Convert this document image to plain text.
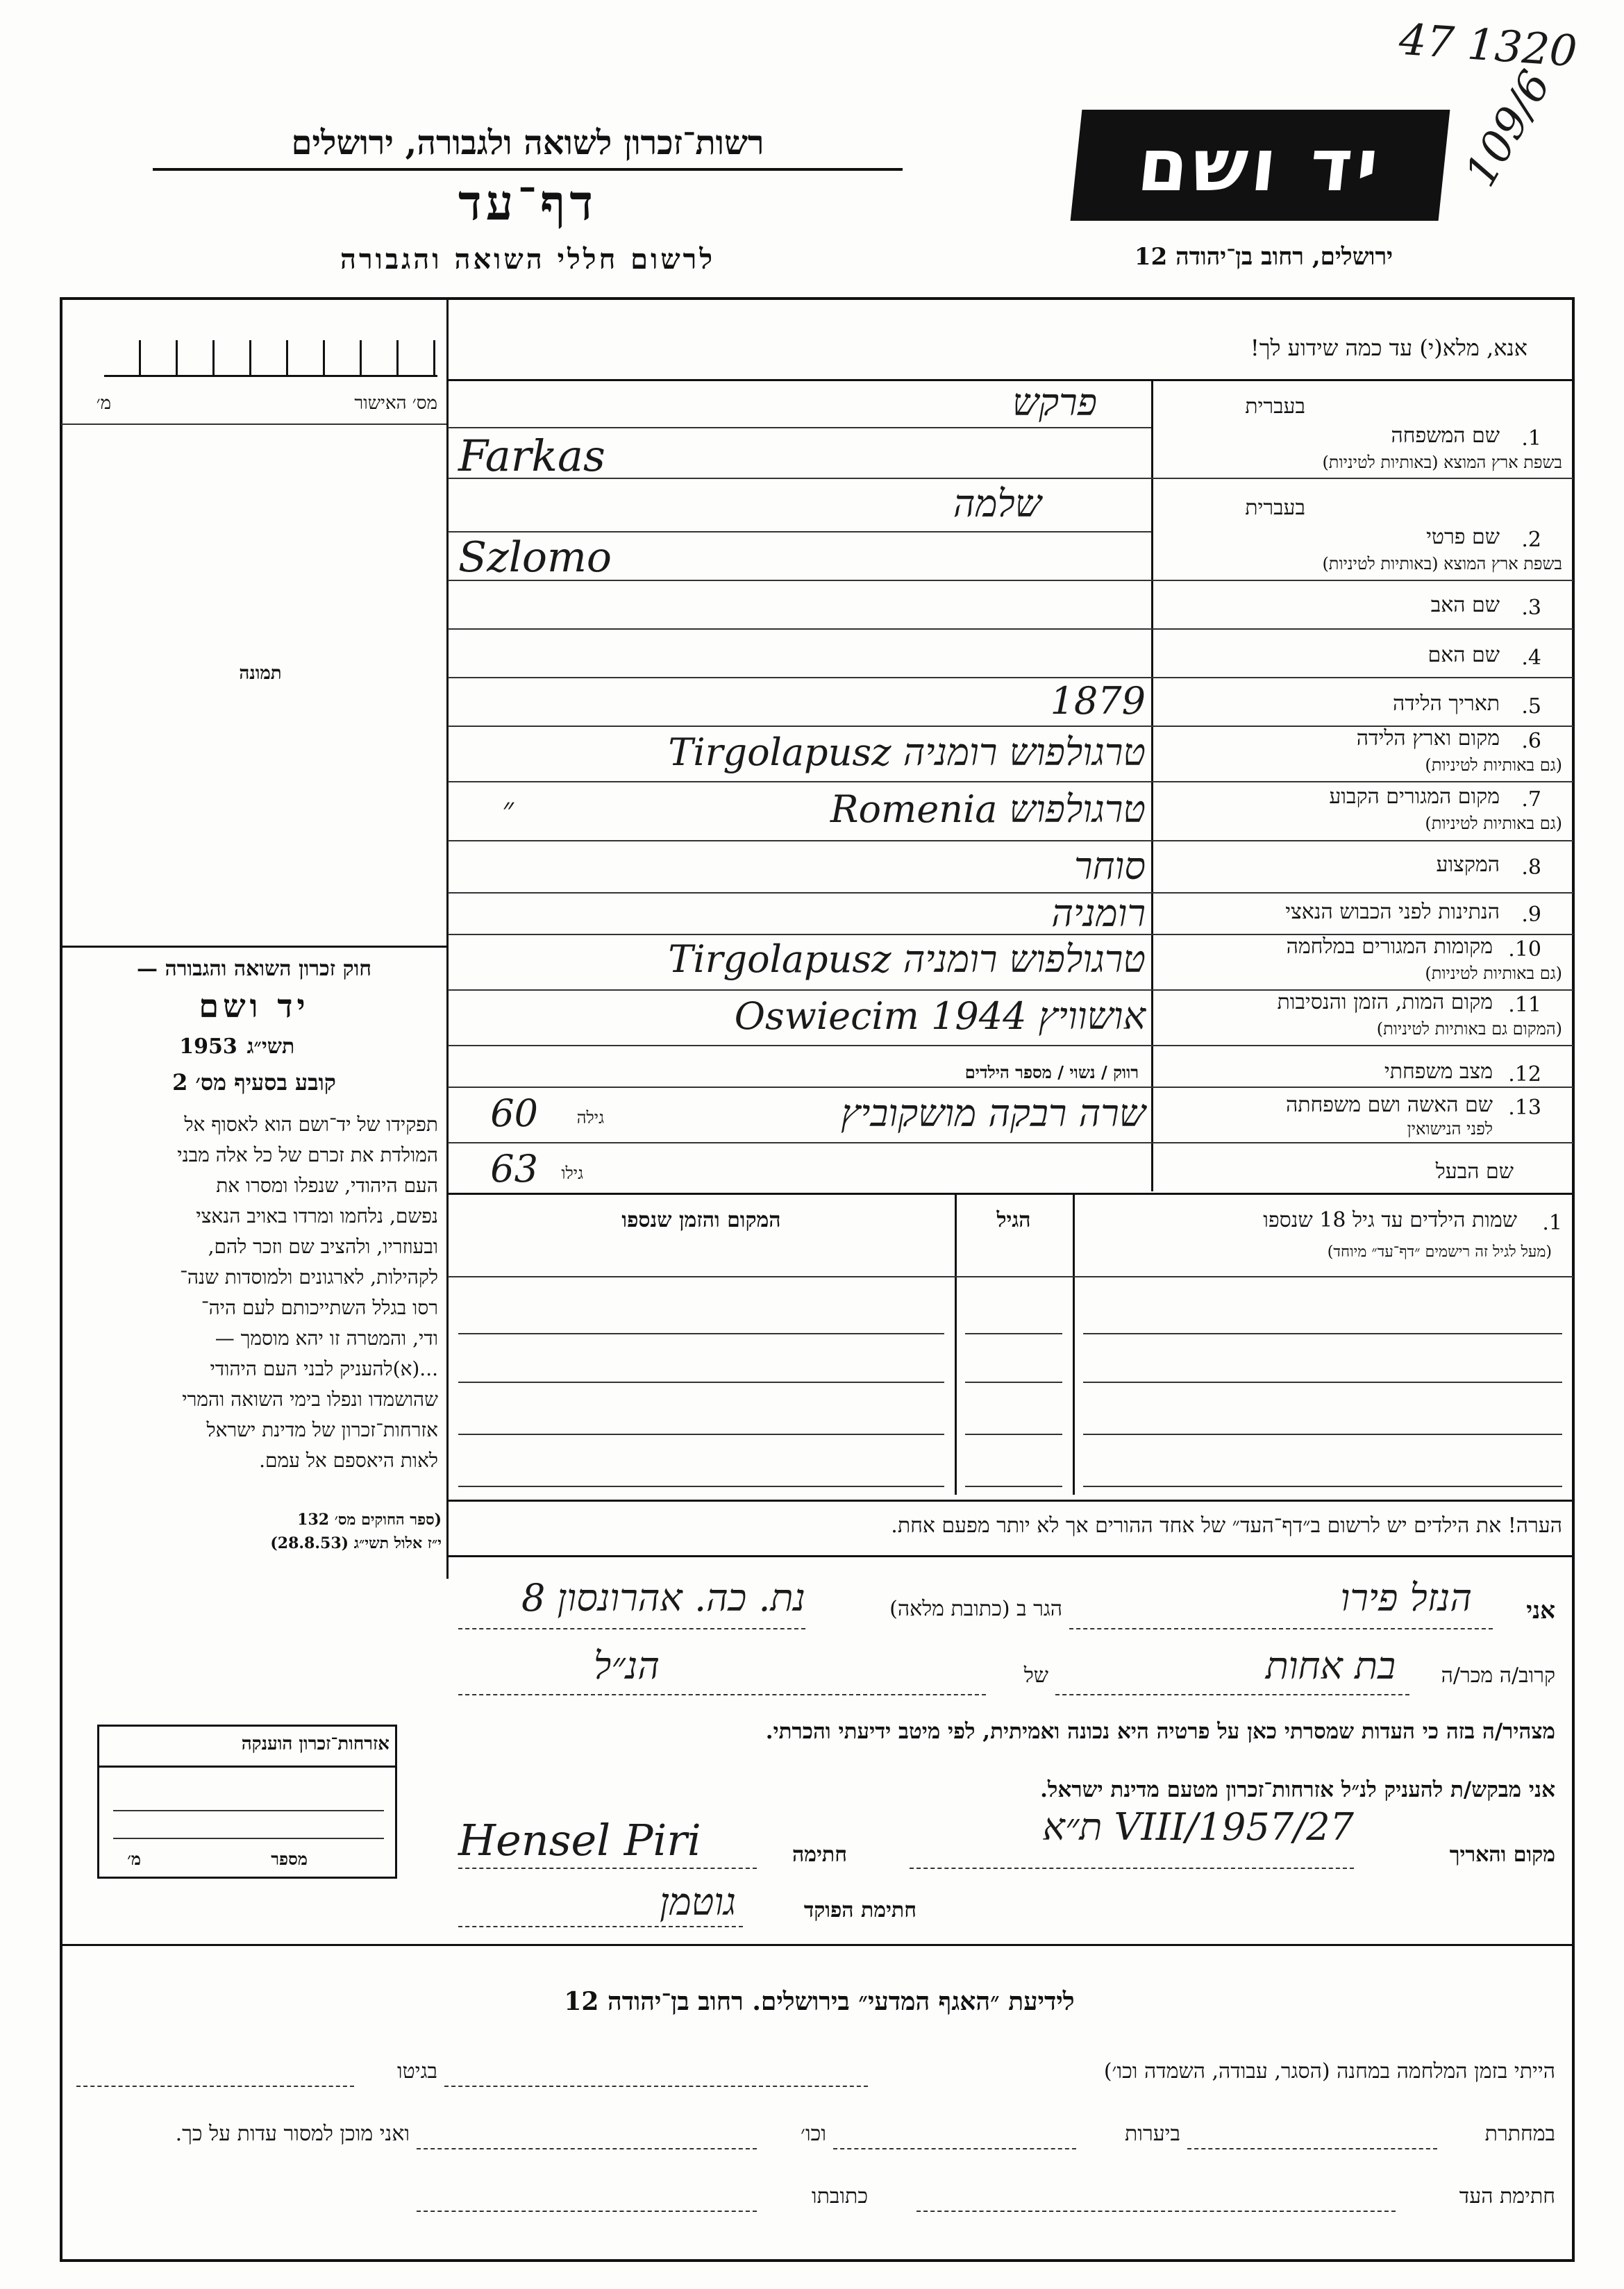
47 1320
109/6
רשות־זכרון לשואה ולגבורה, ירושלים
דף־עד
לרשום חללי השואה והגבורה
יד ושם
ירושלים, רחוב בן־יהודה 12
אנא, מלא(י) עד כמה שידוע לך!
מס׳ האישור
מ׳
תמונה
חוק זכרון השואה והגבורה —
יד ושם
תשי״ג
1953
קובע בסעיף מס׳ 2
תפקידו של יד־ושם הוא לאסוף אל
המולדת את זכרם של כל אלה מבני
העם היהודי, שנפלו ומסרו את
נפשם, נלחמו ומרדו באויב הנאצי
ובעוזריו, ולהציב שם וזכר להם,
לקהילות, לארגונים ולמוסדות שנה־
רסו בגלל השתייכותם לעם היה־
ודי, והמטרה זו יהא מוסמך —
...(א)להעניק לבני העם היהודי
שהושמדו ונפלו בימי השואה והמרי
אזרחות־זכרון של מדינת ישראל
לאות היאספם אל עמם.
(ספר החוקים מס׳ 132
י״ז אלול תשי״ג (28.8.53)
בעברית
1.
שם המשפחה
בשפת ארץ המוצא (באותיות לטיניות)
פרקש
Farkas
בעברית
2.
שם פרטי
בשפת ארץ המוצא (באותיות לטיניות)
שלמה
Szlomo
3.
שם האב
4.
שם האם
5.
תאריך הלידה
1879
6.
מקום וארץ הלידה
(גם באותיות לטיניות)
טרגולפוש רומניה Tirgolapusz
7.
מקום המגורים הקבוע
(גם באותיות לטיניות)
טרגולפוש Romenia
״
8.
המקצוע
סוחר
9.
הנתינות לפני הכבוש הנאצי
רומניה
10.
מקומות המגורים במלחמה
(גם באותיות לטיניות)
טרגולפוש רומניה Tirgolapusz
11.
מקום המות, הזמן והנסיבות
(המקום גם באותיות לטיניות)
אושוויץ 1944 Oswiecim
12.
מצב משפחתי
רווק / נשוי / מספר הילדים
13.
שם האשה ושם משפחתה
לפני הנישואין
שרה רבקה מושקוביץ
גילה
60
שם הבעל
גילו
63
1.
שמות הילדים עד גיל 18 שנספו
(מעל לגיל זה רישמים ״דף־עד״ מיוחד)
הגיל
המקום והזמן שנספו
הערה! את הילדים יש לרשום ב״דף־העד״ של אחד ההורים אך לא יותר מפעם אחת.
אני
הנזל פירו
הגר ב (כתובת מלאה)
נת. כה. אהרונסון 8
קרוב/ה מכר/ה
בת אחות
של
הנ״ל
מצהיר/ה בזה כי העדות שמסרתי כאן על פרטיה היא נכונה ואמיתית, לפי מיטב ידיעתי והכרתי.
אני מבקש/ת להעניק לנ״ל אזרחות־זכרון מטעם מדינת ישראל.
מקום והאריך
27/VIII/1957 ת״א
חתימה
Hensel Piri
חתימת הפוקד
גוטמן
אזרחות־זכרון הוענקה
מספר
מ׳
לידיעת ״האגף המדעי״ בירושלים. רחוב בן־יהודה 12
הייתי בזמן המלחמה במחנה (הסגר, עבודה, השמדה וכו׳)
בגיטו
במחתרת
ביערות
וכו׳
ואני מוכן למסור עדות על כך.
חתימת העד
כתובתו
